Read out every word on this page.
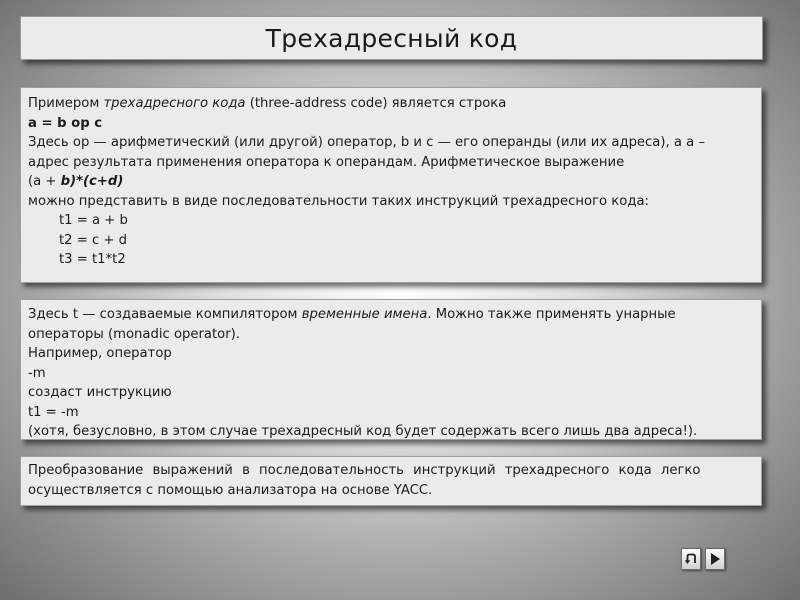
Трехадресный код
Примером трехадресного кода (three-address code) является строка
a = b op c
Здесь op — арифметический (или другой) оператор, b и с — его операнды (или их адреса), а а –
адрес результата применения оператора к операндам. Арифметическое выражение
(a + b)*(c+d)
можно представить в виде последовательности таких инструкций трехадресного кода:
t1 = a + b
t2 = c + d
t3 = t1*t2
Здесь t — создаваемые компилятором временные имена. Можно также применять унарные
операторы (monadic operator).
Например, оператор
-m
создаст инструкцию
t1 = -m
(хотя, безусловно, в этом случае трехадресный код будет содержать всего лишь два адреса!).
Преобразование выражений в последовательность инструкций трехадресного кода легко
осуществляется с помощью анализатора на основе YACC.
